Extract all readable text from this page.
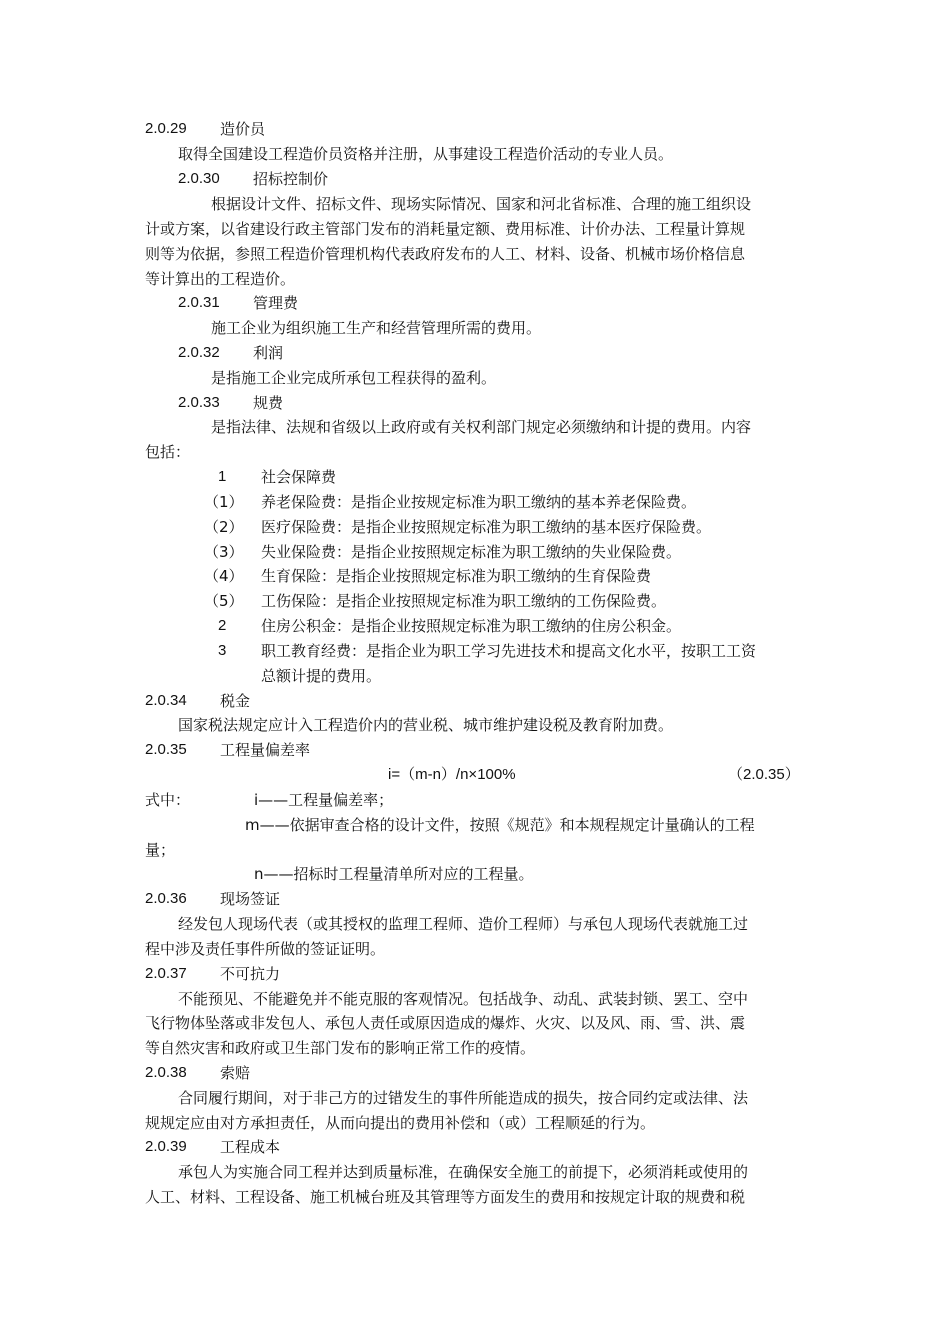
2.0.29 造价员
取得全国建设工程造价员资格并注册，从事建设工程造价活动的专业人员。
2.0.30 招标控制价
根据设计文件、招标文件、现场实际情况、国家和河北省标准、合理的施工组织设
计或方案，以省建设行政主管部门发布的消耗量定额、费用标准、计价办法、工程量计算规
则等为依据，参照工程造价管理机构代表政府发布的人工、材料、设备、机械市场价格信息
等计算出的工程造价。
2.0.31 管理费
施工企业为组织施工生产和经营管理所需的费用。
2.0.32 利润
是指施工企业完成所承包工程获得的盈利。
2.0.33 规费
是指法律、法规和省级以上政府或有关权利部门规定必须缴纳和计提的费用。内容
包括：
1 社会保障费
（1） 养老保险费：是指企业按规定标准为职工缴纳的基本养老保险费。
（2） 医疗保险费：是指企业按照规定标准为职工缴纳的基本医疗保险费。
（3） 失业保险费：是指企业按照规定标准为职工缴纳的失业保险费。
（4） 生育保险：是指企业按照规定标准为职工缴纳的生育保险费
（5） 工伤保险：是指企业按照规定标准为职工缴纳的工伤保险费。
2 住房公积金：是指企业按照规定标准为职工缴纳的住房公积金。
3 职工教育经费：是指企业为职工学习先进技术和提高文化水平，按职工工资
总额计提的费用。
2.0.34 税金
国家税法规定应计入工程造价内的营业税、城市维护建设税及教育附加费。
2.0.35 工程量偏差率
i=（m-n）/n×100%	（2.0.35）
式中：	i——工程量偏差率；
m——依据审查合格的设计文件，按照《规范》和本规程规定计量确认的工程
量；
n——招标时工程量清单所对应的工程量。
2.0.36 现场签证
经发包人现场代表（或其授权的监理工程师、造价工程师）与承包人现场代表就施工过
程中涉及责任事件所做的签证证明。
2.0.37 不可抗力
不能预见、不能避免并不能克服的客观情况。包括战争、动乱、武装封锁、罢工、空中
飞行物体坠落或非发包人、承包人责任或原因造成的爆炸、火灾、以及风、雨、雪、洪、震
等自然灾害和政府或卫生部门发布的影响正常工作的疫情。
2.0.38 索赔
合同履行期间，对于非己方的过错发生的事件所能造成的损失，按合同约定或法律、法
规规定应由对方承担责任，从而向提出的费用补偿和（或）工程顺延的行为。
2.0.39 工程成本
承包人为实施合同工程并达到质量标准，在确保安全施工的前提下，必须消耗或使用的
人工、材料、工程设备、施工机械台班及其管理等方面发生的费用和按规定计取的规费和税
